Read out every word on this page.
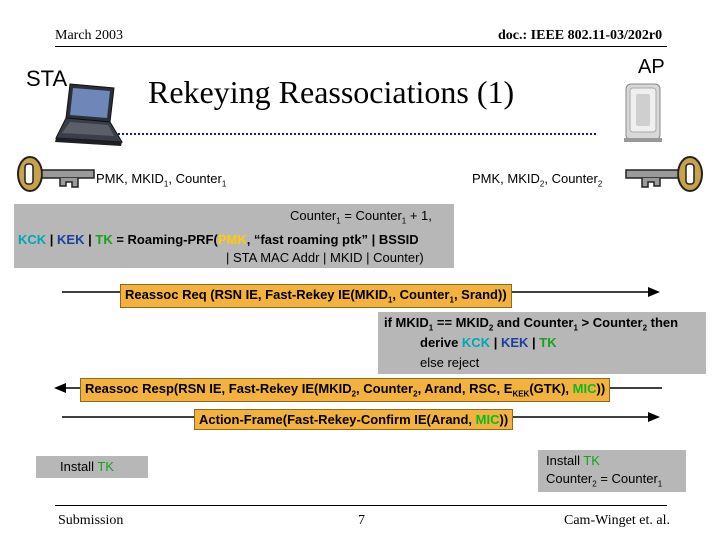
March 2003	doc.: IEEE 802.11-03/202r0
STA	AP
Rekeying Reassociations (1)
PMK, $MKID_1$, Counter$_1$	PMK, $MKID_2$, Counter$_2$
Counter$_1$ = Counter$_1$ + 1,
KCK | KEK | TK = Roaming-PRF(PMK, “fast roaming ptk” | BSSID
| STA MAC Addr | MKID | Counter)
Reassoc Req (RSN IE, Fast-Rekey $IE(MKID_1$, Counter$_1$, Srand))
if $MKID_1$ == $MKID_2$ and Counter$_1$ > Counter$_2$ then
derive KCK | KEK | TK
else reject
Reassoc Resp(RSN IE, Fast-Rekey $IE(MKID_2$, Counter$_2$, Arand, RSC, $E_{KEK}(GTK)$, MIC))
Action-Frame(Fast-Rekey-Confirm IE(Arand, MIC))
Install TK	Install TK
Counter$_2$ = Counter$_1$
Submission	7	Cam-Winget et. al.
